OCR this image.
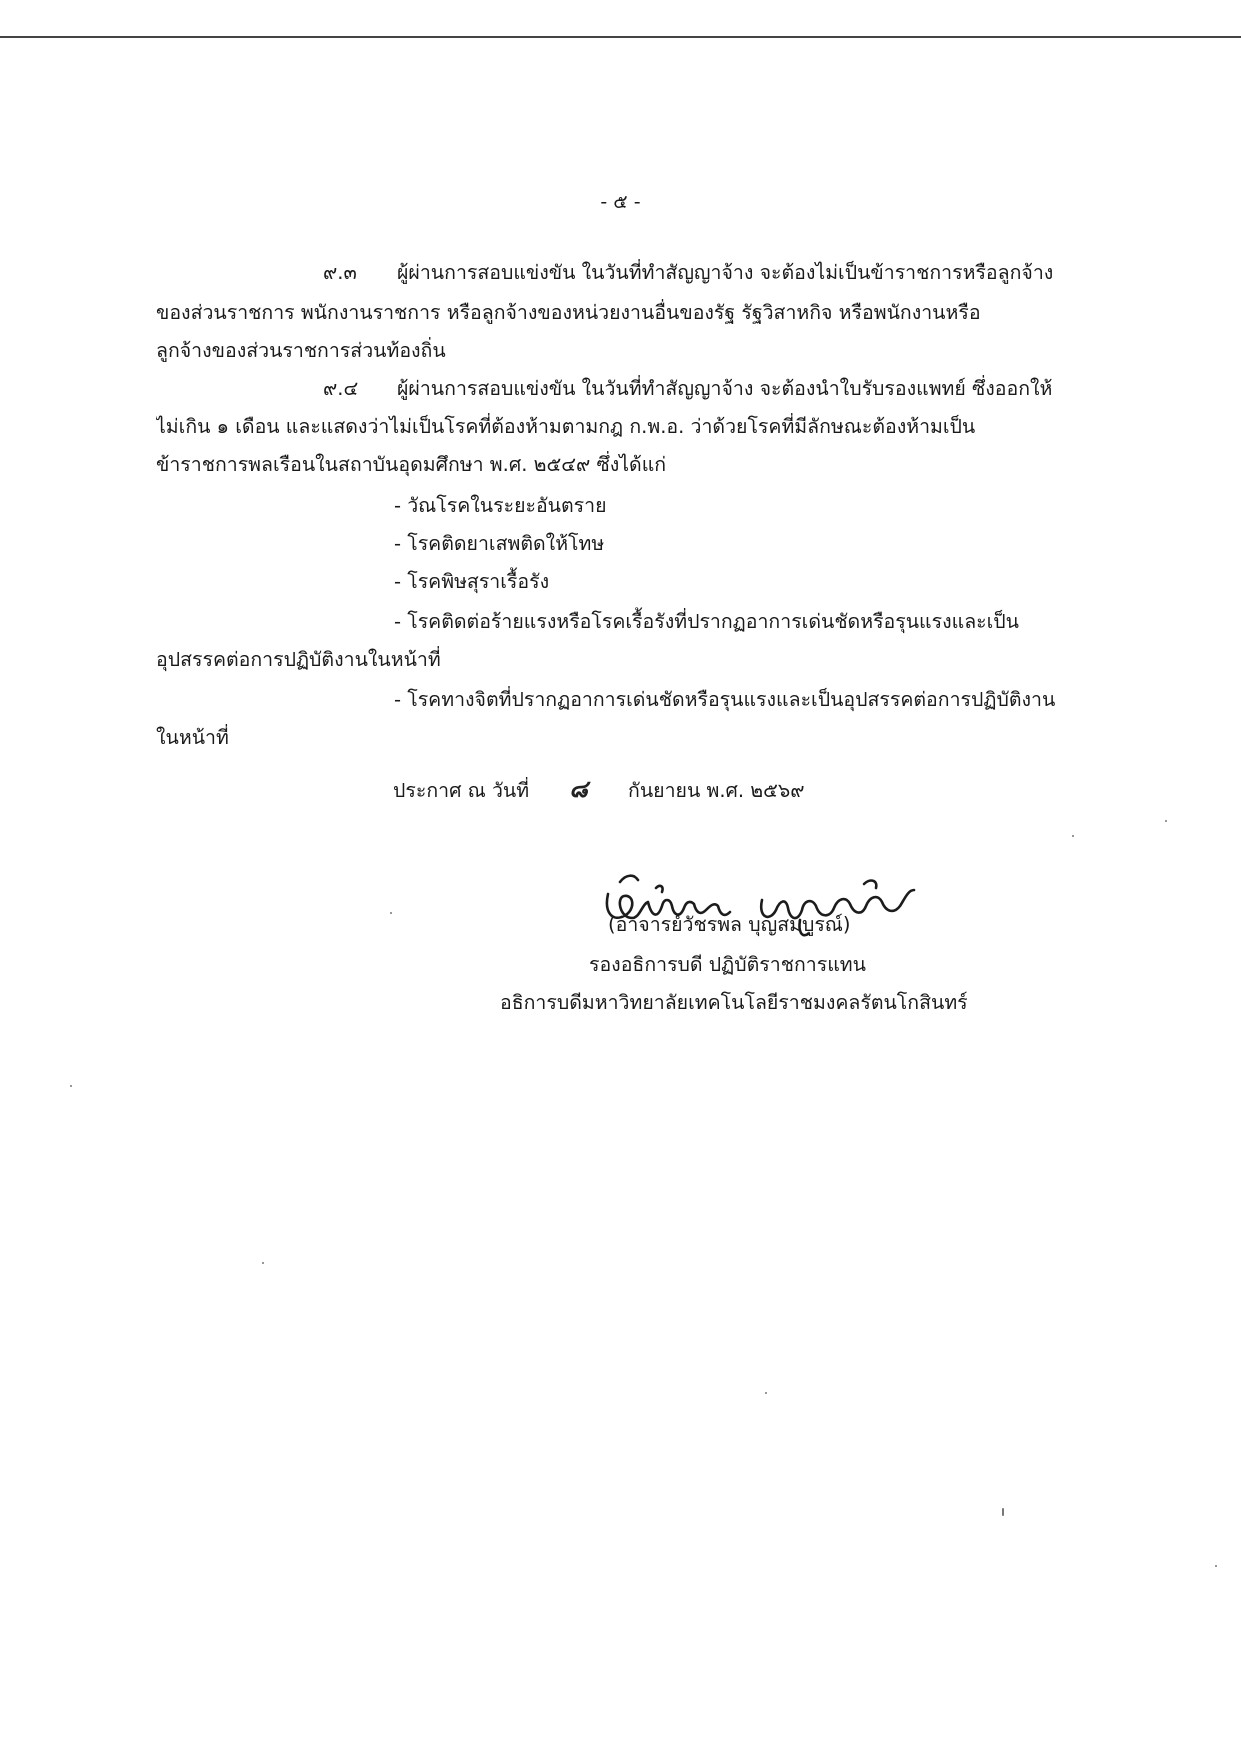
- ๕ -
๙.๓ ผู้ผ่านการสอบแข่งขัน ในวันที่ทำสัญญาจ้าง จะต้องไม่เป็นข้าราชการหรือลูกจ้าง
ของส่วนราชการ พนักงานราชการ หรือลูกจ้างของหน่วยงานอื่นของรัฐ รัฐวิสาหกิจ หรือพนักงานหรือ
ลูกจ้างของส่วนราชการส่วนท้องถิ่น
๙.๔ ผู้ผ่านการสอบแข่งขัน ในวันที่ทำสัญญาจ้าง จะต้องนำใบรับรองแพทย์ ซึ่งออกให้
ไม่เกิน ๑ เดือน และแสดงว่าไม่เป็นโรคที่ต้องห้ามตามกฎ ก.พ.อ. ว่าด้วยโรคที่มีลักษณะต้องห้ามเป็น
ข้าราชการพลเรือนในสถาบันอุดมศึกษา พ.ศ. ๒๕๔๙ ซึ่งได้แก่
- วัณโรคในระยะอันตราย
- โรคติดยาเสพติดให้โทษ
- โรคพิษสุราเรื้อรัง
- โรคติดต่อร้ายแรงหรือโรคเรื้อรังที่ปรากฏอาการเด่นชัดหรือรุนแรงและเป็น
อุปสรรคต่อการปฏิบัติงานในหน้าที่
- โรคทางจิตที่ปรากฏอาการเด่นชัดหรือรุนแรงและเป็นอุปสรรคต่อการปฏิบัติงาน
ในหน้าที่
ประกาศ ณ วันที่ ๘ กันยายน พ.ศ. ๒๕๖๙
(อาจารย์วัชรพล บุญสมบูรณ์)
รองอธิการบดี ปฏิบัติราชการแทน
อธิการบดีมหาวิทยาลัยเทคโนโลยีราชมงคลรัตนโกสินทร์
